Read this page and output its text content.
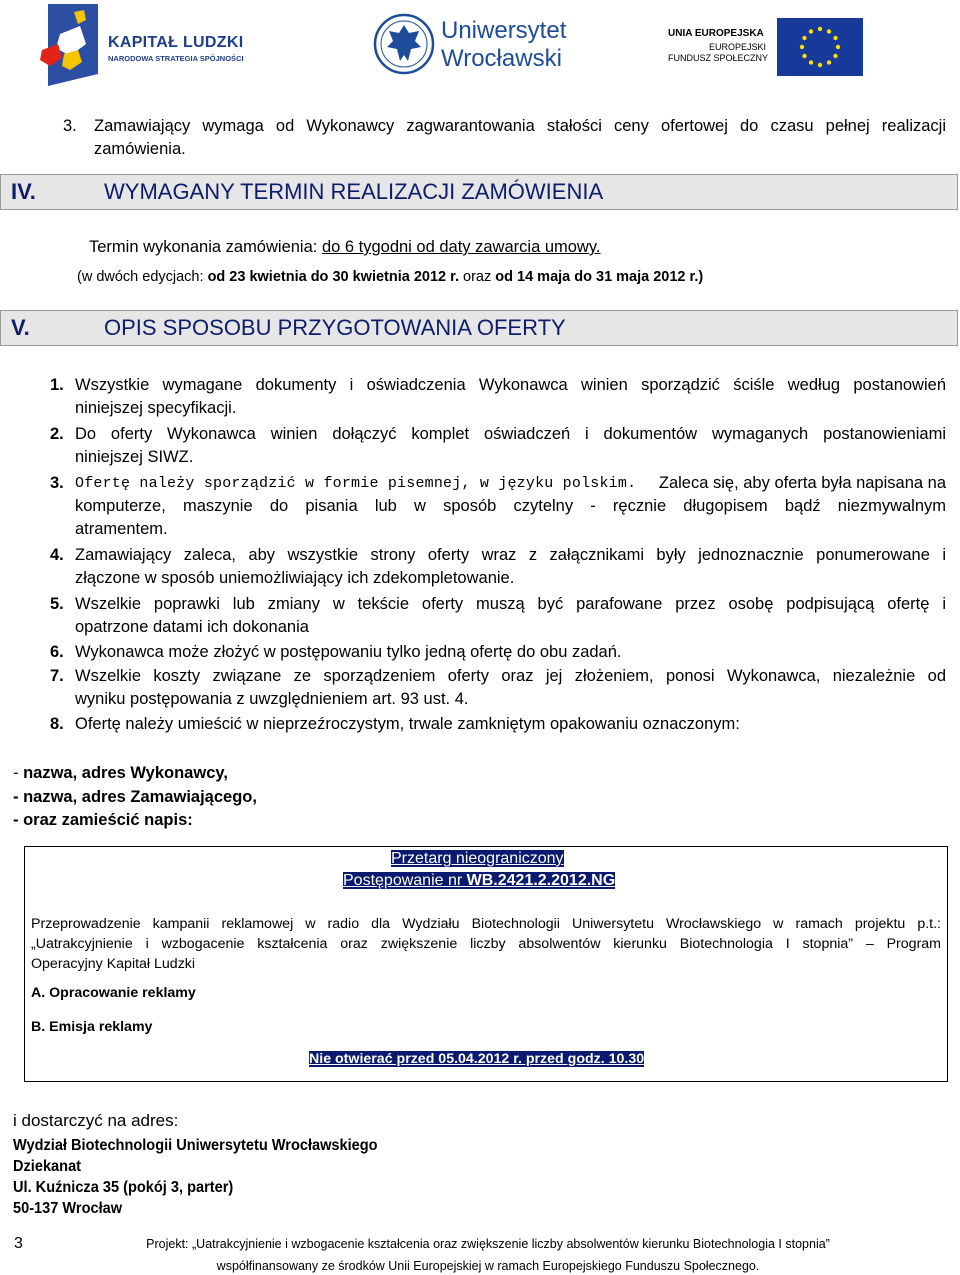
KAPITAŁ LUDZKI
NARODOWA STRATEGIA SPÓJNOŚCI
Uniwersytet
Wrocławski
UNIA EUROPEJSKA
EUROPEJSKI
FUNDUSZ SPOŁECZNY
3. Zamawiający wymaga od Wykonawcy zagwarantowania stałości ceny ofertowej do czasu pełnej realizacji
zamówienia.
IV.	WYMAGANY TERMIN REALIZACJI ZAMÓWIENIA
Termin wykonania zamówienia: do 6 tygodni od daty zawarcia umowy.
(w dwóch edycjach: od 23 kwietnia do 30 kwietnia 2012 r. oraz od 14 maja do 31 maja 2012 r.)
V.	OPIS SPOSOBU PRZYGOTOWANIA OFERTY
1. Wszystkie wymagane dokumenty i oświadczenia Wykonawca winien sporządzić ściśle według postanowień
niniejszej specyfikacji.
2. Do oferty Wykonawca winien dołączyć komplet oświadczeń i dokumentów wymaganych postanowieniami
niniejszej SIWZ.
3. Ofertę należy sporządzić w formie pisemnej, w języku polskim. Zaleca się, aby oferta była napisana na
komputerze, maszynie do pisania lub w sposób czytelny - ręcznie długopisem bądź niezmywalnym
atramentem.
4. Zamawiający zaleca, aby wszystkie strony oferty wraz z załącznikami były jednoznacznie ponumerowane i
złączone w sposób uniemożliwiający ich zdekompletowanie.
5. Wszelkie poprawki lub zmiany w tekście oferty muszą być parafowane przez osobę podpisującą ofertę i
opatrzone datami ich dokonania
6. Wykonawca może złożyć w postępowaniu tylko jedną ofertę do obu zadań.
7. Wszelkie koszty związane ze sporządzeniem oferty oraz jej złożeniem, ponosi Wykonawca, niezależnie od
wyniku postępowania z uwzględnieniem art. 93 ust. 4.
8. Ofertę należy umieścić w nieprzeźroczystym, trwale zamkniętym opakowaniu oznaczonym:
- nazwa, adres Wykonawcy,
- nazwa, adres Zamawiającego,
- oraz zamieścić napis:
Przetarg nieograniczony
Postępowanie nr WB.2421.2.2012.NG
Przeprowadzenie kampanii reklamowej w radio dla Wydziału Biotechnologii Uniwersytetu Wrocławskiego w ramach projektu p.t.:
„Uatrakcyjnienie i wzbogacenie kształcenia oraz zwiększenie liczby absolwentów kierunku Biotechnologia I stopnia” – Program
Operacyjny Kapitał Ludzki
A. Opracowanie reklamy
B. Emisja reklamy
Nie otwierać przed 05.04.2012 r. przed godz. 10.30
i dostarczyć na adres:
Wydział Biotechnologii Uniwersytetu Wrocławskiego
Dziekanat
Ul. Kuźnicza 35 (pokój 3, parter)
50-137 Wrocław
3	Projekt: „Uatrakcyjnienie i wzbogacenie kształcenia oraz zwiększenie liczby absolwentów kierunku Biotechnologia I stopnia”
współfinansowany ze środków Unii Europejskiej w ramach Europejskiego Funduszu Społecznego.
